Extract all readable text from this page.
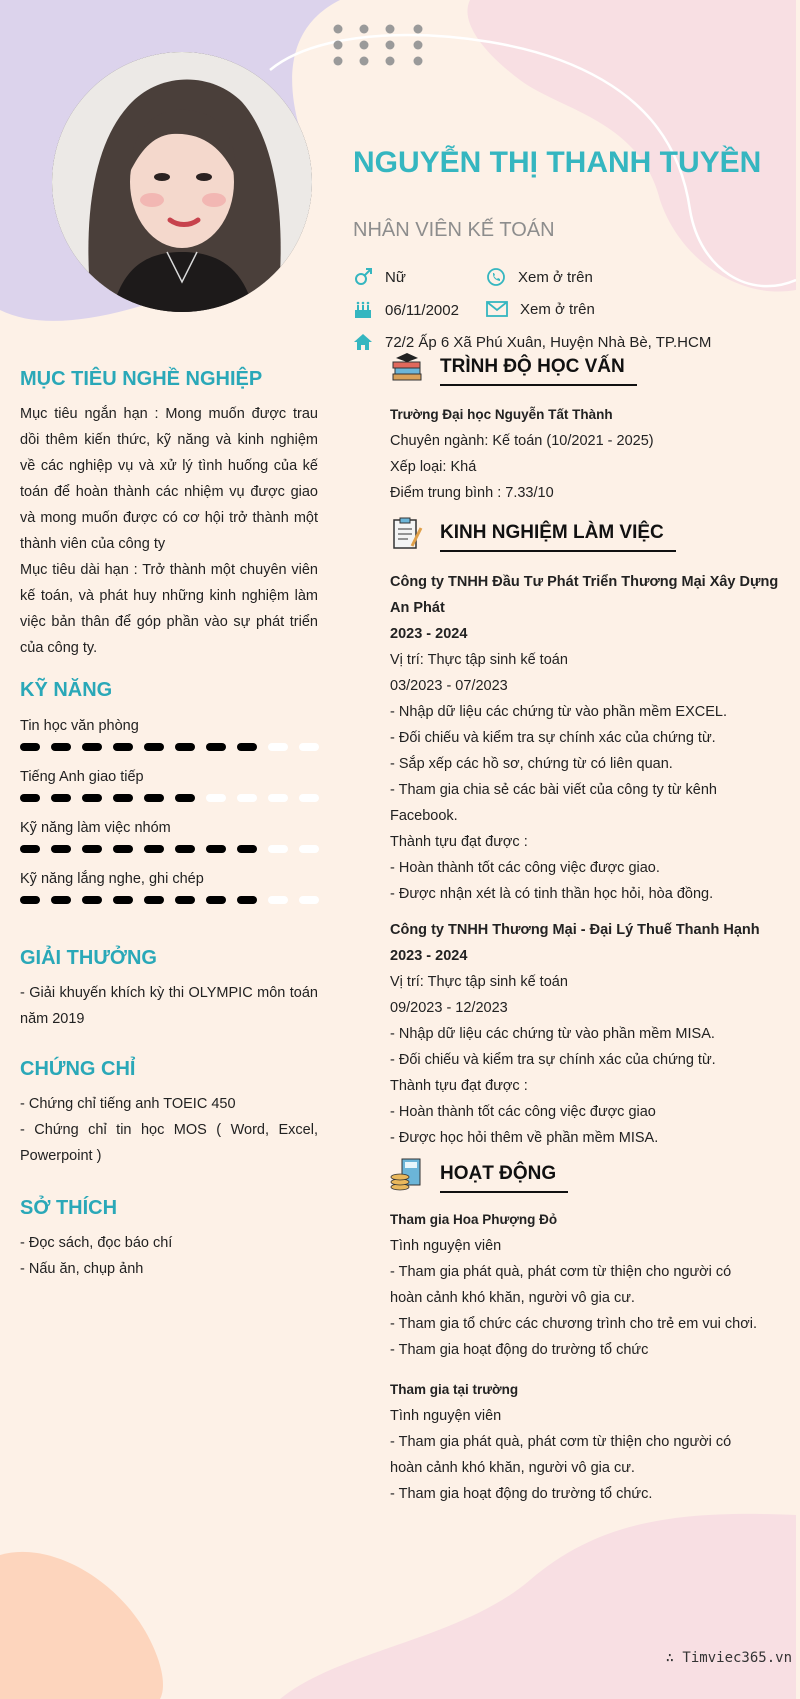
NGUYỄN THỊ THANH TUYỀN
NHÂN VIÊN KẾ TOÁN
Nữ	Xem ở trên
06/11/2002	Xem ở trên
72/2 Ấp 6 Xã Phú Xuân, Huyện Nhà Bè, TP.HCM
MỤC TIÊU NGHỀ NGHIỆP

Mục tiêu ngắn hạn : Mong muốn được trau dồi thêm kiến thức, kỹ năng và kinh nghiệm về các nghiệp vụ và xử lý tình huống của kế toán để hoàn thành các nhiệm vụ được giao và mong muốn được có cơ hội trở thành một thành viên của công ty

Mục tiêu dài hạn : Trở thành một chuyên viên kế toán, và phát huy những kinh nghiệm làm việc bản thân để góp phần vào sự phát triển của công ty.

KỸ NĂNG

Tin học văn phòng

Tiếng Anh giao tiếp

Kỹ năng làm việc nhóm

Kỹ năng lắng nghe, ghi chép

GIẢI THƯỞNG

- Giải khuyến khích kỳ thi OLYMPIC môn toán năm 2019

CHỨNG CHỈ

- Chứng chỉ tiếng anh TOEIC 450

- Chứng chỉ tin học MOS ( Word, Excel, Powerpoint )

SỞ THÍCH

- Đọc sách, đọc báo chí

- Nấu ăn, chụp ảnh

TRÌNH ĐỘ HỌC VẤN

Trường Đại học Nguyễn Tất Thành

Chuyên ngành: Kế toán (10/2021 - 2025)

Xếp loại: Khá

Điểm trung bình : 7.33/10

KINH NGHIỆM LÀM VIỆC

Công ty TNHH Đầu Tư Phát Triển Thương Mại Xây Dựng

An Phát

2023 - 2024

Vị trí: Thực tập sinh kế toán

03/2023 - 07/2023

- Nhập dữ liệu các chứng từ vào phần mềm EXCEL.

- Đối chiếu và kiểm tra sự chính xác của chứng từ.

- Sắp xếp các hồ sơ, chứng từ có liên quan.

- Tham gia chia sẻ các bài viết của công ty từ kênh

Facebook.

Thành tựu đạt được :

- Hoàn thành tốt các công việc được giao.

- Được nhận xét là có tinh thần học hỏi, hòa đồng.

Công ty TNHH Thương Mại - Đại Lý Thuế Thanh Hạnh

2023 - 2024

Vị trí: Thực tập sinh kế toán

09/2023 - 12/2023

- Nhập dữ liệu các chứng từ vào phần mềm MISA.

- Đối chiếu và kiểm tra sự chính xác của chứng từ.

Thành tựu đạt được :

- Hoàn thành tốt các công việc được giao

- Được học hỏi thêm về phần mềm MISA.

HOẠT ĐỘNG

Tham gia Hoa Phượng Đỏ

Tình nguyện viên

- Tham gia phát quà, phát cơm từ thiện cho người có

hoàn cảnh khó khăn, người vô gia cư.

- Tham gia tổ chức các chương trình cho trẻ em vui chơi.

- Tham gia hoạt động do trường tổ chức

Tham gia tại trường

Tình nguyện viên

- Tham gia phát quà, phát cơm từ thiện cho người có

hoàn cảnh khó khăn, người vô gia cư.

- Tham gia hoạt động do trường tổ chức.

∴ Timviec365.vn
